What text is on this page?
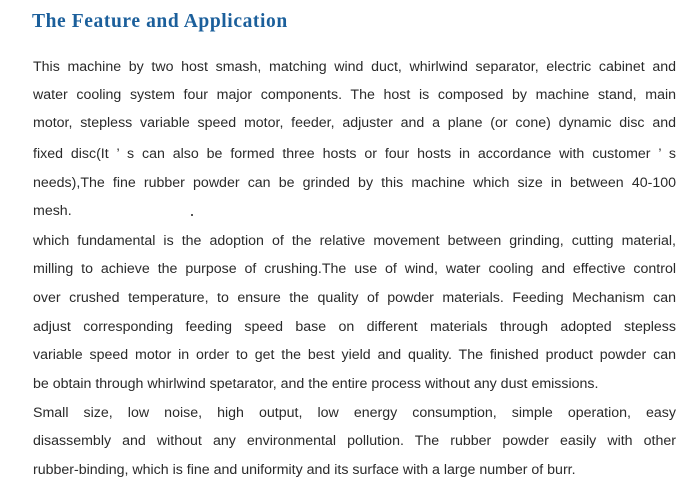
The Feature and Application
This machine by two host smash, matching wind duct, whirlwind separator, electric cabinet and
water cooling system four major components. The host is composed by machine stand, main
motor, stepless variable speed motor, feeder, adjuster and a plane (or cone) dynamic disc and
fixed disc(It ’ s can also be formed three hosts or four hosts in accordance with customer ’ s
needs),The fine rubber powder can be grinded by this machine which size in between 40-100
mesh.
which fundamental is the adoption of the relative movement between grinding, cutting material,
milling to achieve the purpose of crushing.The use of wind, water cooling and effective control
over crushed temperature, to ensure the quality of powder materials. Feeding Mechanism can
adjust corresponding feeding speed base on different materials through adopted stepless
variable speed motor in order to get the best yield and quality. The finished product powder can
be obtain through whirlwind spetarator, and the entire process without any dust emissions.
Small size, low noise, high output, low energy consumption, simple operation, easy
disassembly and without any environmental pollution. The rubber powder easily with other
rubber-binding, which is fine and uniformity and its surface with a large number of burr.
